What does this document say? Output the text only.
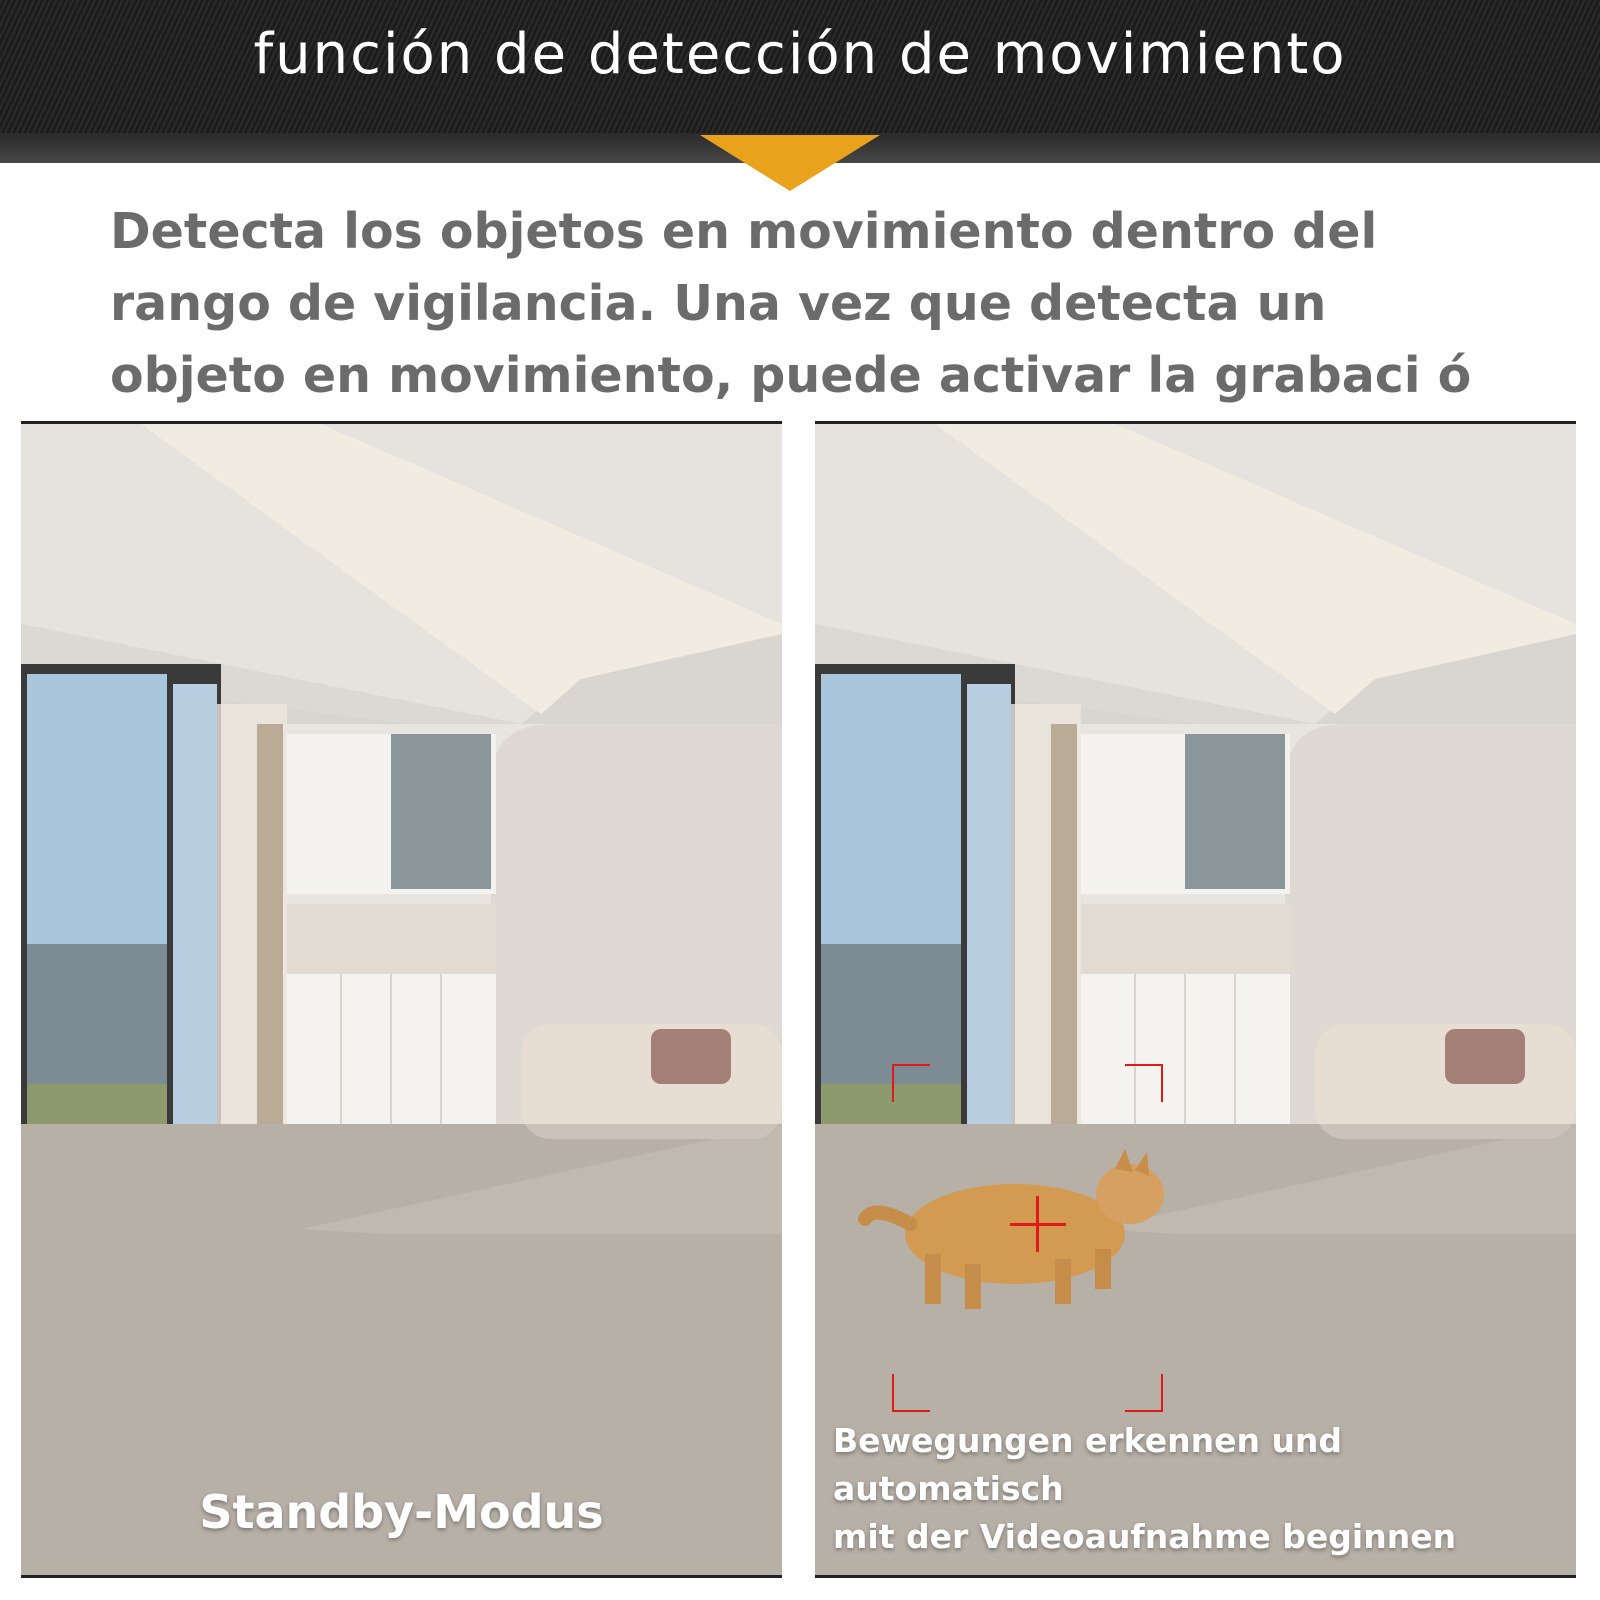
función de detección de movimiento
Detecta los objetos en movimiento dentro del rango de vigilancia. Una vez que detecta un objeto en movimiento, puede activar la grabaci ó
Standby-Modus
Bewegungen erkennen und automatisch
mit der Videoaufnahme beginnen
